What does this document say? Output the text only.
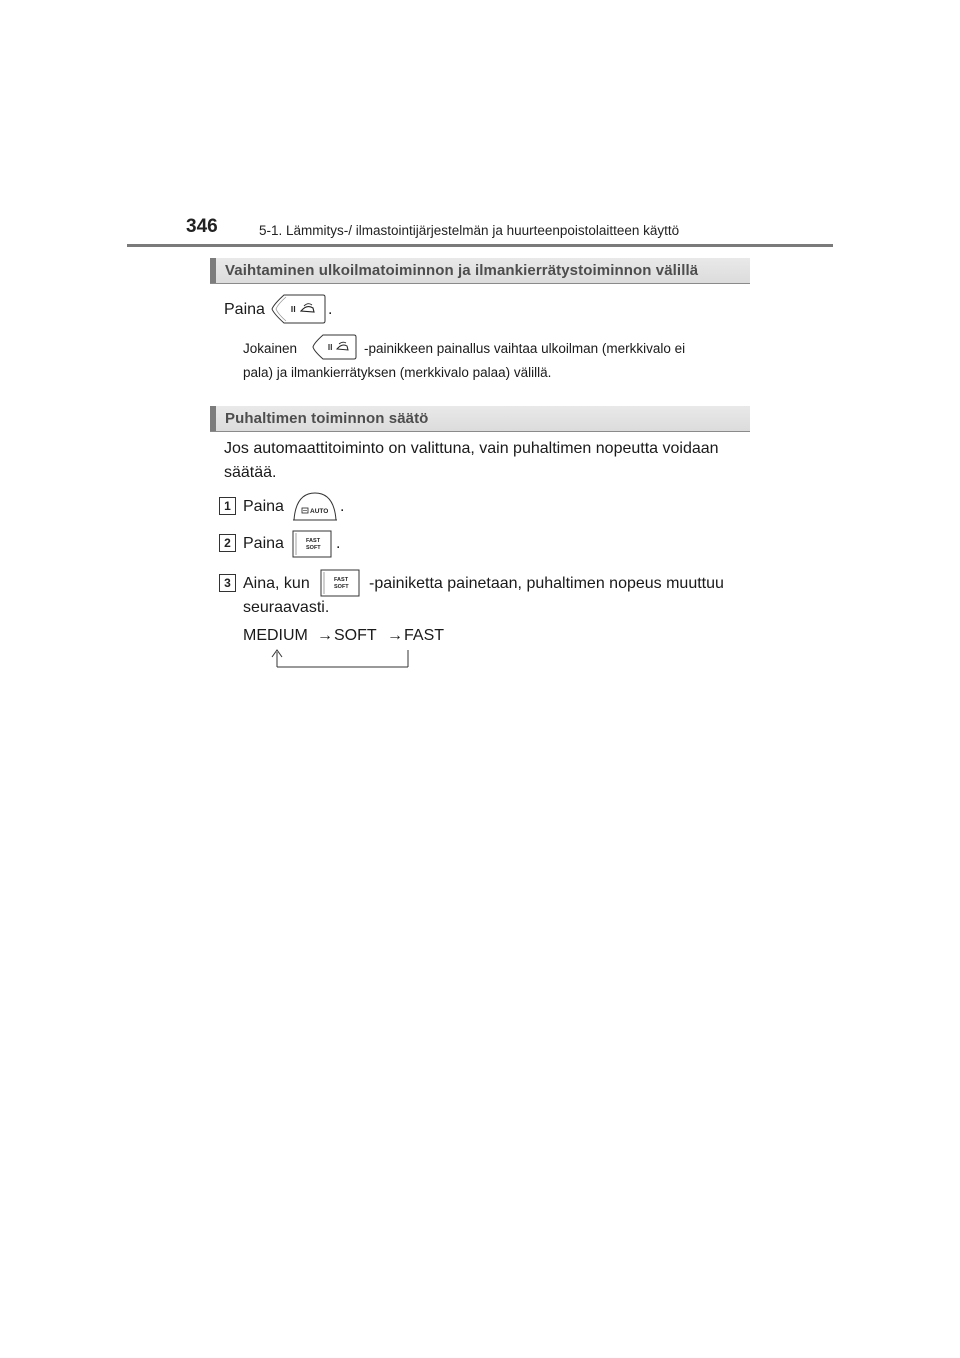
346	5-1. Lämmitys-/ ilmastointijärjestelmän ja huurteenpoistolaitteen käyttö
Vaihtaminen ulkoilmatoiminnon ja ilmankierrätystoiminnon välillä
Paina	.
Jokainen	-painikkeen painallus vaihtaa ulkoilman (merkkivalo ei
pala) ja ilmankierrätyksen (merkkivalo palaa) välillä.
Puhaltimen toiminnon säätö
Jos automaattitoiminto on valittuna, vain puhaltimen nopeutta voidaan
säätää.
1 Paina	AUTO .
2 Paina	FAST
SOFT .
3 Aina, kun	FAST
SOFT -painiketta painetaan, puhaltimen nopeus muuttuu
seuraavasti.
MEDIUM → SOFT → FAST
